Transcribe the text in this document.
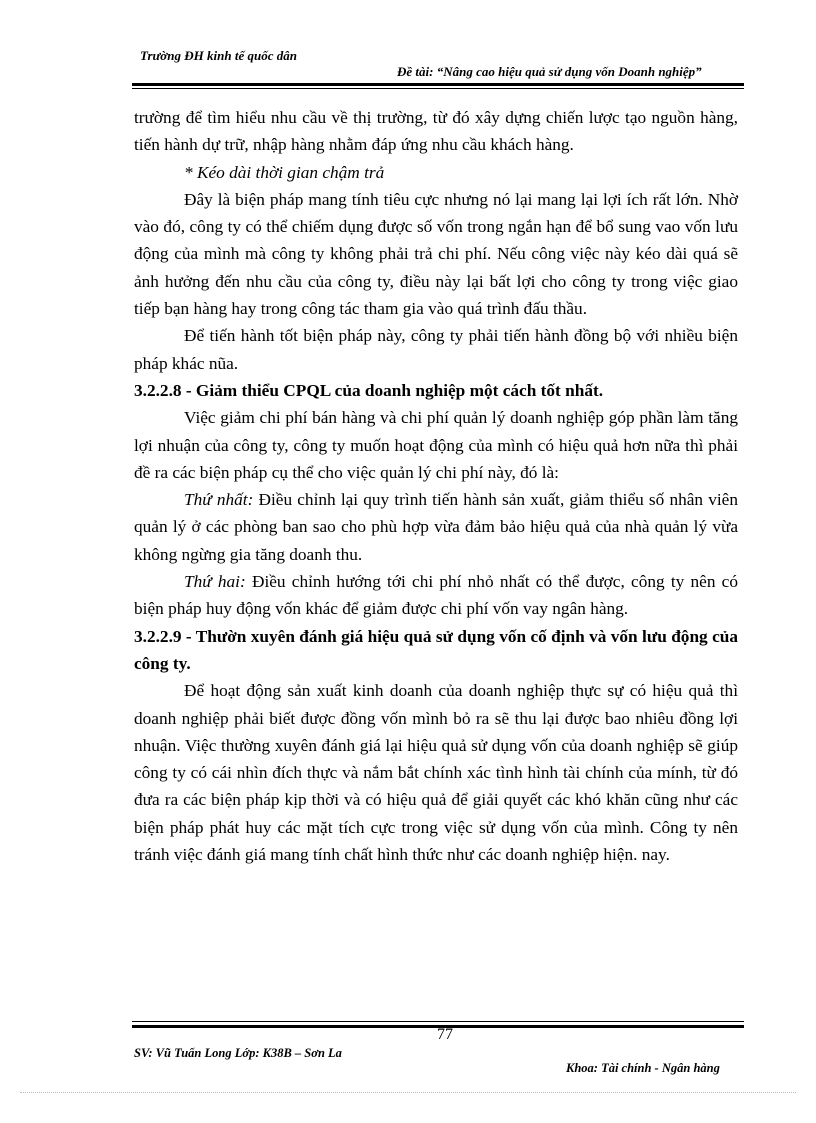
Trường ĐH kinh tế quốc dân
Đề tài: “Nâng cao hiệu quả sử dụng vốn Doanh nghiệp”

trường để tìm hiểu nhu cầu về thị trường, từ đó xây dựng chiến lược tạo nguồn hàng, tiến hành dự trữ, nhập hàng nhằm đáp ứng nhu cầu khách hàng.

* Kéo dài thời gian chậm trả

Đây là biện pháp mang tính tiêu cực nhưng nó lại mang lại lợi ích rất lớn. Nhờ vào đó, công ty có thể chiếm dụng được số vốn trong ngắn hạn để bổ sung vao vốn lưu động của mình mà công ty không phải trả chi phí. Nếu công việc này kéo dài quá sẽ ảnh hưởng đến nhu cầu của công ty, điều này lại bất lợi cho công ty trong việc giao tiếp bạn hàng hay trong công tác tham gia vào quá trình đấu thầu.

Để tiến hành tốt biện pháp này, công ty phải tiến hành đồng bộ với nhiều biện pháp khác nũa.

3.2.2.8 - Giảm thiểu CPQL của doanh nghiệp một cách tốt nhất.

Việc giảm chi phí bán hàng và chi phí quản lý doanh nghiệp góp phần làm tăng lợi nhuận của công ty, công ty muốn hoạt động của mình có hiệu quả hơn nữa thì phải đề ra các biện pháp cụ thể cho việc quản lý chi phí này, đó là:

Thứ nhất: Điều chỉnh lại quy trình tiến hành sản xuất, giảm thiểu số nhân viên quản lý ở các phòng ban sao cho phù hợp vừa đảm bảo hiệu quả của nhà quản lý vừa không ngừng gia tăng doanh thu.

Thứ hai: Điều chỉnh hướng tới chi phí nhỏ nhất có thể được, công ty nên có biện pháp huy động vốn khác để giảm được chi phí vốn vay ngân hàng.

3.2.2.9 - Thườn xuyên đánh giá hiệu quả sử dụng vốn cố định và vốn lưu động của công ty.

Để hoạt động sản xuất kinh doanh của doanh nghiệp thực sự có hiệu quả thì doanh nghiệp phải biết được đồng vốn mình bỏ ra sẽ thu lại được bao nhiêu đồng lợi nhuận. Việc thường xuyên đánh giá lại hiệu quả sử dụng vốn của doanh nghiệp sẽ giúp công ty có cái nhìn đích thực và nắm bắt chính xác tình hình tài chính của mính, từ đó đưa ra các biện pháp kịp thời và có hiệu quả để giải quyết các khó khăn cũng như các biện pháp phát huy các mặt tích cực trong việc sử dụng vốn của mình. Công ty nên tránh việc đánh giá mang tính chất hình thức như các doanh nghiệp hiện. nay.

77
SV: Vũ Tuấn Long Lớp: K38B – Sơn La
Khoa: Tài chính - Ngân hàng
